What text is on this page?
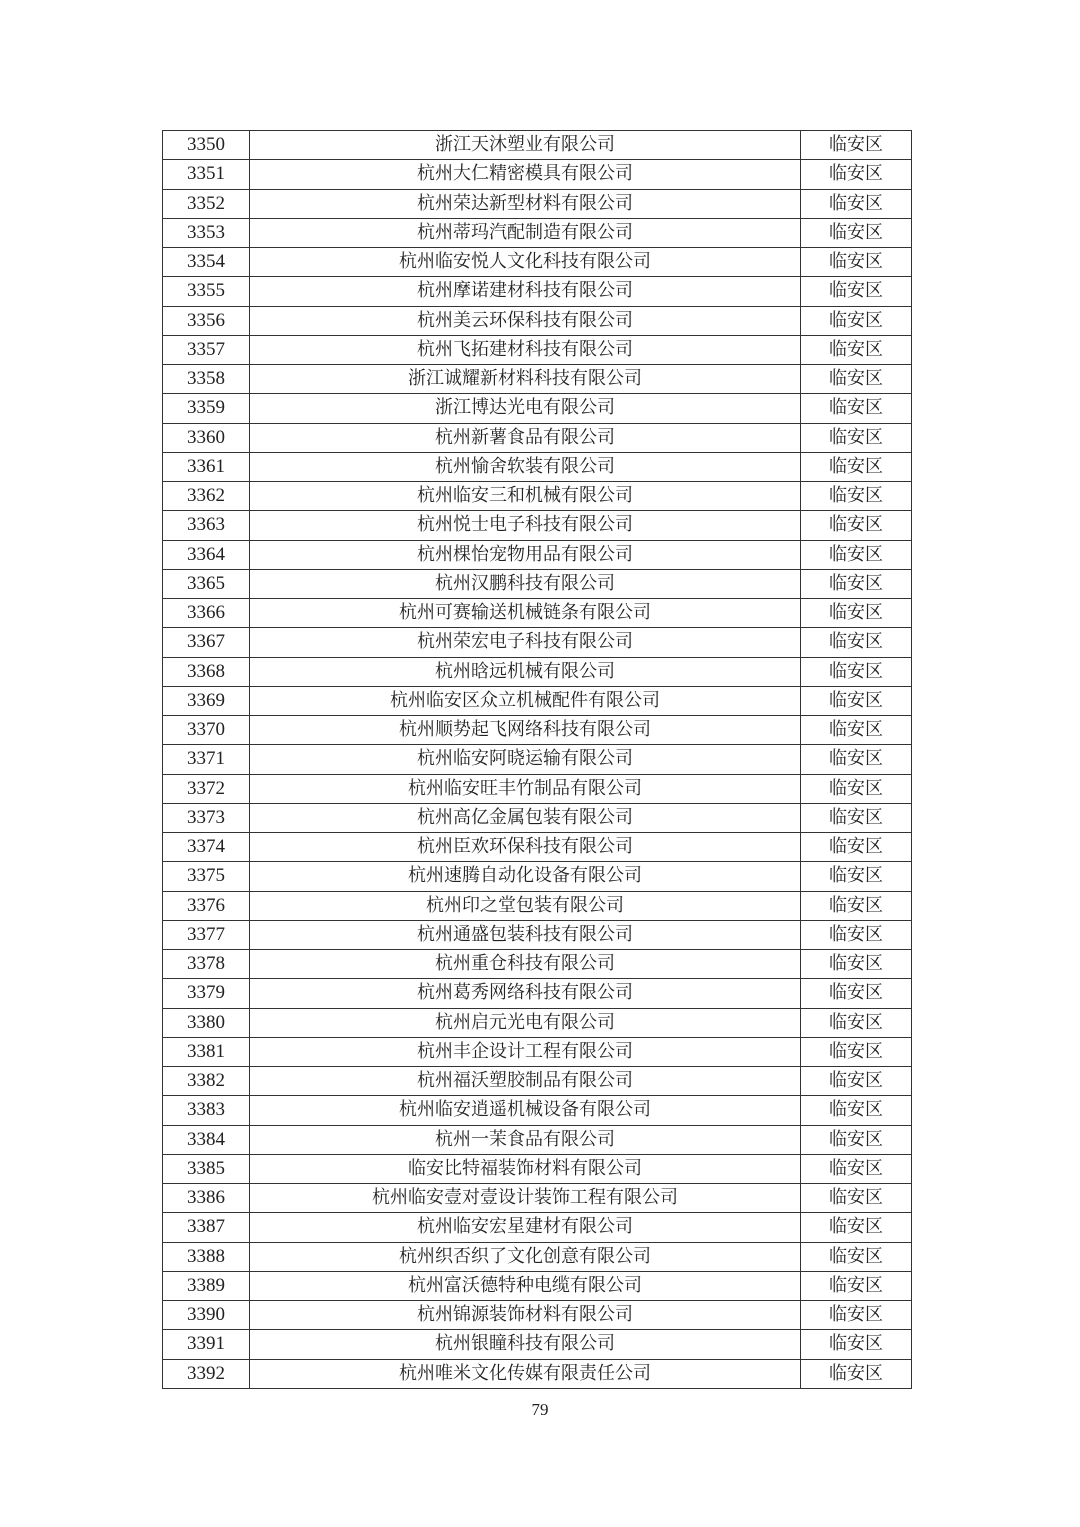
3350	浙江天沐塑业有限公司	临安区
3351	杭州大仁精密模具有限公司	临安区
3352	杭州荣达新型材料有限公司	临安区
3353	杭州蒂玛汽配制造有限公司	临安区
3354	杭州临安悦人文化科技有限公司	临安区
3355	杭州摩诺建材科技有限公司	临安区
3356	杭州美云环保科技有限公司	临安区
3357	杭州飞拓建材科技有限公司	临安区
3358	浙江诚耀新材料科技有限公司	临安区
3359	浙江博达光电有限公司	临安区
3360	杭州新薯食品有限公司	临安区
3361	杭州愉舍软装有限公司	临安区
3362	杭州临安三和机械有限公司	临安区
3363	杭州悦士电子科技有限公司	临安区
3364	杭州棵怡宠物用品有限公司	临安区
3365	杭州汉鹏科技有限公司	临安区
3366	杭州可赛输送机械链条有限公司	临安区
3367	杭州荣宏电子科技有限公司	临安区
3368	杭州晗远机械有限公司	临安区
3369	杭州临安区众立机械配件有限公司	临安区
3370	杭州顺势起飞网络科技有限公司	临安区
3371	杭州临安阿晓运输有限公司	临安区
3372	杭州临安旺丰竹制品有限公司	临安区
3373	杭州高亿金属包装有限公司	临安区
3374	杭州臣欢环保科技有限公司	临安区
3375	杭州速腾自动化设备有限公司	临安区
3376	杭州印之堂包装有限公司	临安区
3377	杭州通盛包装科技有限公司	临安区
3378	杭州重仓科技有限公司	临安区
3379	杭州葛秀网络科技有限公司	临安区
3380	杭州启元光电有限公司	临安区
3381	杭州丰企设计工程有限公司	临安区
3382	杭州福沃塑胶制品有限公司	临安区
3383	杭州临安逍遥机械设备有限公司	临安区
3384	杭州一茉食品有限公司	临安区
3385	临安比特福装饰材料有限公司	临安区
3386	杭州临安壹对壹设计装饰工程有限公司	临安区
3387	杭州临安宏星建材有限公司	临安区
3388	杭州织否织了文化创意有限公司	临安区
3389	杭州富沃德特种电缆有限公司	临安区
3390	杭州锦源装饰材料有限公司	临安区
3391	杭州银瞳科技有限公司	临安区
3392	杭州唯米文化传媒有限责任公司	临安区
79
